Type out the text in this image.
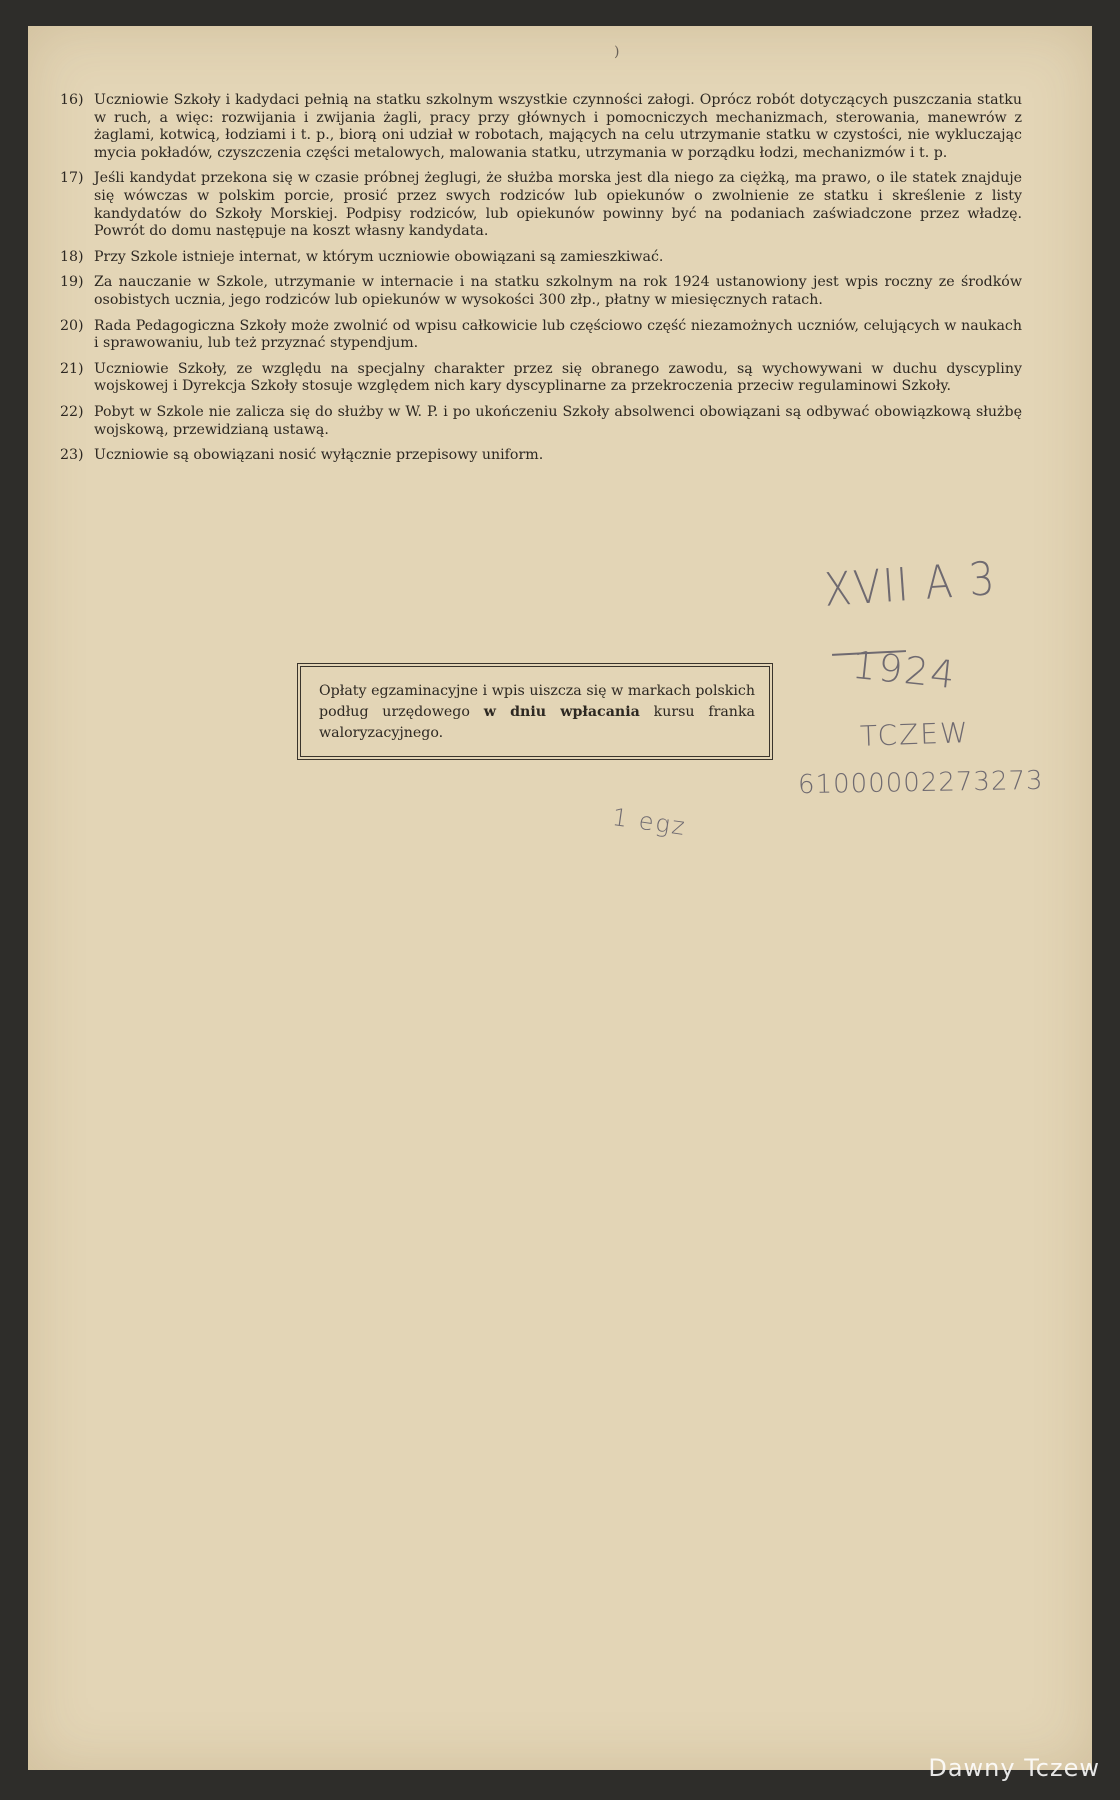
)
16) Uczniowie Szkoły i kadydaci pełnią na statku szkolnym wszystkie czynności załogi. Oprócz robót dotyczących puszczania statku w ruch, a więc: rozwijania i zwijania żagli, pracy przy głównych i pomocniczych mechanizmach, sterowania, manewrów z żaglami, kotwicą, łodziami i t. p., biorą oni udział w robotach, mających na celu utrzymanie statku w czystości, nie wykluczając mycia pokładów, czyszczenia części metalowych, malowania statku, utrzymania w porządku łodzi, mechanizmów i t. p.
17) Jeśli kandydat przekona się w czasie próbnej żeglugi, że służba morska jest dla niego za ciężką, ma prawo, o ile statek znajduje się wówczas w polskim porcie, prosić przez swych rodziców lub opiekunów o zwolnienie ze statku i skreślenie z listy kandydatów do Szkoły Morskiej. Podpisy rodziców, lub opiekunów powinny być na podaniach zaświadczone przez władzę. Powrót do domu następuje na koszt własny kandydata.
18) Przy Szkole istnieje internat, w którym uczniowie obowiązani są zamieszkiwać.
19) Za nauczanie w Szkole, utrzymanie w internacie i na statku szkolnym na rok 1924 ustanowiony jest wpis roczny ze środków osobistych ucznia, jego rodziców lub opiekunów w wysokości 300 złp., płatny w miesięcznych ratach.
20) Rada Pedagogiczna Szkoły może zwolnić od wpisu całkowicie lub częściowo część niezamożnych uczniów, celujących w naukach i sprawowaniu, lub też przyznać stypendjum.
21) Uczniowie Szkoły, ze względu na specjalny charakter przez się obranego zawodu, są wychowywani w duchu dyscypliny wojskowej i Dyrekcja Szkoły stosuje względem nich kary dyscyplinarne za przekroczenia przeciw regulaminowi Szkoły.
22) Pobyt w Szkole nie zalicza się do służby w W. P. i po ukończeniu Szkoły absolwenci obowiązani są odbywać obowiązkową służbę wojskową, przewidzianą ustawą.
23) Uczniowie są obowiązani nosić wyłącznie przepisowy uniform.
Opłaty egzaminacyjne i wpis uiszcza się w markach polskich podług urzędowego w dniu wpłacania kursu franka waloryzacyjnego.
XVII A 3
1924
TCZEW
61000002273273
1 egz
Dawny Tczew
